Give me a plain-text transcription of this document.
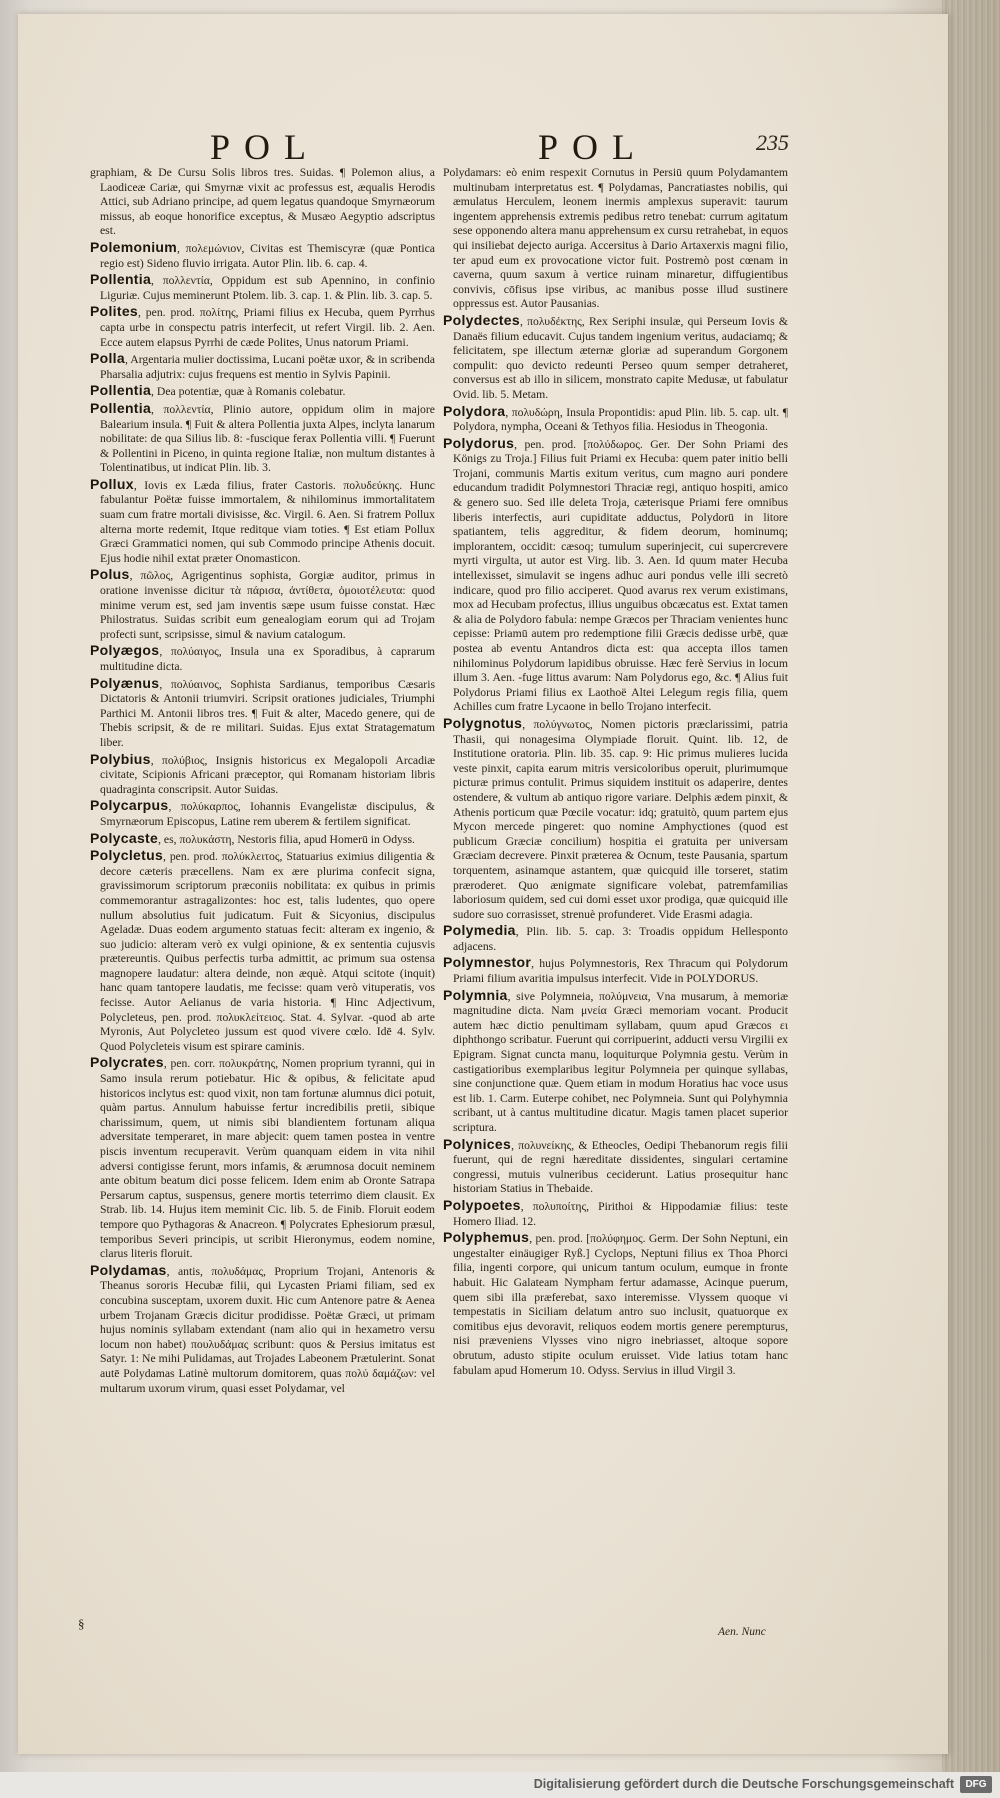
POL	POL	235

graphiam, & De Cursu Solis libros tres. Suidas. ¶ Polemon alius, a Laodiceæ Cariæ, qui Smyrnæ vixit ac professus est, æqualis Herodis Attici, sub Adriano principe, ad quem legatus quandoque Smyrnæorum missus, ab eoque honorifice exceptus, & Musæo Aegyptio adscriptus est.

Polemonium, πολεμώνιον, Civitas est Themiscyræ (quæ Pontica regio est) Sideno fluvio irrigata. Autor Plin. lib. 6. cap. 4.

Pollentia, πολλεντία, Oppidum est sub Apennino, in confinio Liguriæ. Cujus meminerunt Ptolem. lib. 3. cap. 1. & Plin. lib. 3. cap. 5.

Polites, pen. prod. πολίτης, Priami filius ex Hecuba, quem Pyrrhus capta urbe in conspectu patris interfecit, ut refert Virgil. lib. 2. Aen. Ecce autem elapsus Pyrrhi de cæde Polites, Unus natorum Priami.

Polla, Argentaria mulier doctissima, Lucani poëtæ uxor, & in scribenda Pharsalia adjutrix: cujus frequens est mentio in Sylvis Papinii.

Pollentia, Dea potentiæ, quæ à Romanis colebatur.

Pollentia, πολλεντία, Plinio autore, oppidum olim in majore Balearium insula. ¶ Fuit & altera Pollentia juxta Alpes, inclyta lanarum nobilitate: de qua Silius lib. 8: -fuscique ferax Pollentia villi. ¶ Fuerunt & Pollentini in Piceno, in quinta regione Italiæ, non multum distantes à Tolentinatibus, ut indicat Plin. lib. 3.

Pollux, Iovis ex Læda filius, frater Castoris. πολυδεύκης. Hunc fabulantur Poëtæ fuisse immortalem, & nihilominus immortalitatem suam cum fratre mortali divisisse, &c. Virgil. 6. Aen. Si fratrem Pollux alterna morte redemit, Itque reditque viam toties. ¶ Est etiam Pollux Græci Grammatici nomen, qui sub Commodo principe Athenis docuit. Ejus hodie nihil extat præter Onomasticon.

Polus, πῶλος, Agrigentinus sophista, Gorgiæ auditor, primus in oratione invenisse dicitur τὰ πάρισα, ἀντίθετα, ὁμοιοτέλευτα: quod minime verum est, sed jam inventis sæpe usum fuisse constat. Hæc Philostratus. Suidas scribit eum genealogiam eorum qui ad Trojam profecti sunt, scripsisse, simul & navium catalogum.

Polyægos, πολύαιγος, Insula una ex Sporadibus, à caprarum multitudine dicta.

Polyænus, πολύαινος, Sophista Sardianus, temporibus Cæsaris Dictatoris & Antonii triumviri. Scripsit orationes judiciales, Triumphi Parthici M. Antonii libros tres. ¶ Fuit & alter, Macedo genere, qui de Thebis scripsit, & de re militari. Suidas. Ejus extat Stratagematum liber.

Polybius, πολύβιος, Insignis historicus ex Megalopoli Arcadiæ civitate, Scipionis Africani præceptor, qui Romanam historiam libris quadraginta conscripsit. Autor Suidas.

Polycarpus, πολύκαρπος, Iohannis Evangelistæ discipulus, & Smyrnæorum Episcopus, Latine rem uberem & fertilem significat.

Polycaste, es, πολυκάστη, Nestoris filia, apud Homerū in Odyss.

Polycletus, pen. prod. πολύκλειτος, Statuarius eximius diligentia & decore cæteris præcellens. Nam ex ære plurima confecit signa, gravissimorum scriptorum præconiis nobilitata: ex quibus in primis commemorantur astragalizontes: hoc est, talis ludentes, quo opere nullum absolutius fuit judicatum. Fuit & Sicyonius, discipulus Ageladæ. Duas eodem argumento statuas fecit: alteram ex ingenio, & suo judicio: alteram verò ex vulgi opinione, & ex sententia cujusvis prætereuntis. Quibus perfectis turba admittit, ac primum sua ostensa magnopere laudatur: altera deinde, non æquè. Atqui scitote (inquit) hanc quam tantopere laudatis, me fecisse: quam verò vituperatis, vos fecisse. Autor Aelianus de varia historia. ¶ Hinc Adjectivum, Polycleteus, pen. prod. πολυκλείτειος. Stat. 4. Sylvar. -quod ab arte Myronis, Aut Polycleteo jussum est quod vivere cœlo. Idē 4. Sylv. Quod Polycleteis visum est spirare caminis.

Polycrates, pen. corr. πολυκράτης, Nomen proprium tyranni, qui in Samo insula rerum potiebatur. Hic & opibus, & felicitate apud historicos inclytus est: quod vixit, non tam fortunæ alumnus dici potuit, quàm partus. Annulum habuisse fertur incredibilis pretii, sibique charissimum, quem, ut nimis sibi blandientem fortunam aliqua adversitate temperaret, in mare abjecit: quem tamen postea in ventre piscis inventum recuperavit. Verùm quanquam eidem in vita nihil adversi contigisse ferunt, mors infamis, & ærumnosa docuit neminem ante obitum beatum dici posse felicem. Idem enim ab Oronte Satrapa Persarum captus, suspensus, genere mortis teterrimo diem clausit. Ex Strab. lib. 14. Hujus item meminit Cic. lib. 5. de Finib. Floruit eodem tempore quo Pythagoras & Anacreon. ¶ Polycrates Ephesiorum præsul, temporibus Severi principis, ut scribit Hieronymus, eodem nomine, clarus literis floruit.

Polydamas, antis, πολυδάμας, Proprium Trojani, Antenoris & Theanus sororis Hecubæ filii, qui Lycasten Priami filiam, sed ex concubina susceptam, uxorem duxit. Hic cum Antenore patre & Aenea urbem Trojanam Græcis dicitur prodidisse. Poëtæ Græci, ut primam hujus nominis syllabam extendant (nam alio qui in hexametro versu locum non habet) πουλυδάμας scribunt: quos & Persius imitatus est Satyr. 1: Ne mihi Pulidamas, aut Trojades Labeonem Prætulerint. Sonat autē Polydamas Latinè multorum domitorem, quas πολύ δαμάζων: vel multarum uxorum virum, quasi esset Polydamar, vel

Polydamars: eò enim respexit Cornutus in Persiū quum Polydamantem multinubam interpretatus est. ¶ Polydamas, Pancratiastes nobilis, qui æmulatus Herculem, leonem inermis amplexus superavit: taurum ingentem apprehensis extremis pedibus retro tenebat: currum agitatum sese opponendo altera manu apprehensum ex cursu retrahebat, in equos qui insiliebat dejecto auriga. Accersitus à Dario Artaxerxis magni filio, ter apud eum ex provocatione victor fuit. Postremò post cœnam in caverna, quum saxum à vertice ruinam minaretur, diffugientibus convivis, cōfisus ipse viribus, ac manibus posse illud sustinere oppressus est. Autor Pausanias.

Polydectes, πολυδέκτης, Rex Seriphi insulæ, qui Perseum Iovis & Danaës filium educavit. Cujus tandem ingenium veritus, audaciamq; & felicitatem, spe illectum æternæ gloriæ ad superandum Gorgonem compulit: quo devicto redeunti Perseo quum semper detraheret, conversus est ab illo in silicem, monstrato capite Medusæ, ut fabulatur Ovid. lib. 5. Metam.

Polydora, πολυδώρη, Insula Propontidis: apud Plin. lib. 5. cap. ult. ¶ Polydora, nympha, Oceani & Tethyos filia. Hesiodus in Theogonia.

Polydorus, pen. prod. [πολύδωρος. Ger. Der Sohn Priami des Königs zu Troja.] Filius fuit Priami ex Hecuba: quem pater initio belli Trojani, communis Martis exitum veritus, cum magno auri pondere educandum tradidit Polymnestori Thraciæ regi, antiquo hospiti, amico & genero suo. Sed ille deleta Troja, cæterisque Priami fere omnibus liberis interfectis, auri cupiditate adductus, Polydorū in litore spatiantem, telis aggreditur, & fidem deorum, hominumq; implorantem, occidit: cæsoq; tumulum superinjecit, cui supercrevere myrti virgulta, ut autor est Virg. lib. 3. Aen. Id quum mater Hecuba intellexisset, simulavit se ingens adhuc auri pondus velle illi secretò indicare, quod pro filio acciperet. Quod avarus rex verum existimans, mox ad Hecubam profectus, illius unguibus obcæcatus est. Extat tamen & alia de Polydoro fabula: nempe Græcos per Thraciam venientes hunc cepisse: Priamū autem pro redemptione filii Græcis dedisse urbē, quæ postea ab eventu Antandros dicta est: qua accepta illos tamen nihilominus Polydorum lapidibus obruisse. Hæc ferè Servius in locum illum 3. Aen. -fuge littus avarum: Nam Polydorus ego, &c. ¶ Alius fuit Polydorus Priami filius ex Laothoë Altei Lelegum regis filia, quem Achilles cum fratre Lycaone in bello Trojano interfecit.

Polygnotus, πολύγνωτος, Nomen pictoris præclarissimi, patria Thasii, qui nonagesima Olympiade floruit. Quint. lib. 12, de Institutione oratoria. Plin. lib. 35. cap. 9: Hic primus mulieres lucida veste pinxit, capita earum mitris versicoloribus operuit, plurimumque picturæ primus contulit. Primus siquidem instituit os adaperire, dentes ostendere, & vultum ab antiquo rigore variare. Delphis ædem pinxit, & Athenis porticum quæ Pœcile vocatur: idq; gratuitò, quum partem ejus Mycon mercede pingeret: quo nomine Amphyctiones (quod est publicum Græciæ concilium) hospitia ei gratuita per universam Græciam decrevere. Pinxit præterea & Ocnum, teste Pausania, spartum torquentem, asinamque astantem, quæ quicquid ille torseret, statim præroderet. Quo ænigmate significare volebat, patremfamilias laboriosum quidem, sed cui domi esset uxor prodiga, quæ quicquid ille sudore suo corrasisset, strenuè profunderet. Vide Erasmi adagia.

Polymedia, Plin. lib. 5. cap. 3: Troadis oppidum Hellesponto adjacens.

Polymnestor, hujus Polymnestoris, Rex Thracum qui Polydorum Priami filium avaritia impulsus interfecit. Vide in POLYDORUS.

Polymnia, sive Polymneia, πολύμνεια, Vna musarum, à memoriæ magnitudine dicta. Nam μνεία Græci memoriam vocant. Producit autem hæc dictio penultimam syllabam, quum apud Græcos ει diphthongo scribatur. Fuerunt qui corripuerint, adducti versu Virgilii ex Epigram. Signat cuncta manu, loquiturque Polymnia gestu. Verùm in castigatioribus exemplaribus legitur Polymneia per quinque syllabas, sine conjunctione quæ. Quem etiam in modum Horatius hac voce usus est lib. 1. Carm. Euterpe cohibet, nec Polymneia. Sunt qui Polyhymnia scribant, ut à cantus multitudine dicatur. Magis tamen placet superior scriptura.

Polynices, πολυνείκης, & Etheocles, Oedipi Thebanorum regis filii fuerunt, qui de regni hæreditate dissidentes, singulari certamine congressi, mutuis vulneribus ceciderunt. Latius prosequitur hanc historiam Statius in Thebaide.

Polypoetes, πολυποίτης, Pirithoi & Hippodamiæ filius: teste Homero Iliad. 12.

Polyphemus, pen. prod. [πολύφημος. Germ. Der Sohn Neptuni, ein ungestalter einäugiger Ryß.] Cyclops, Neptuni filius ex Thoa Phorci filia, ingenti corpore, qui unicum tantum oculum, eumque in fronte habuit. Hic Galateam Nympham fertur adamasse, Acinque puerum, quem sibi illa præferebat, saxo interemisse. Vlyssem quoque vi tempestatis in Siciliam delatum antro suo inclusit, quatuorque ex comitibus ejus devoravit, reliquos eodem mortis genere perempturus, nisi præveniens Vlysses vino nigro inebriasset, altoque sopore obrutum, adusto stipite oculum eruisset. Vide latius totam hanc fabulam apud Homerum 10. Odyss. Servius in illud Virgil 3.

§
Aen. Nunc
Digitalisierung gefördert durch die Deutsche Forschungsgemeinschaft	DFG
